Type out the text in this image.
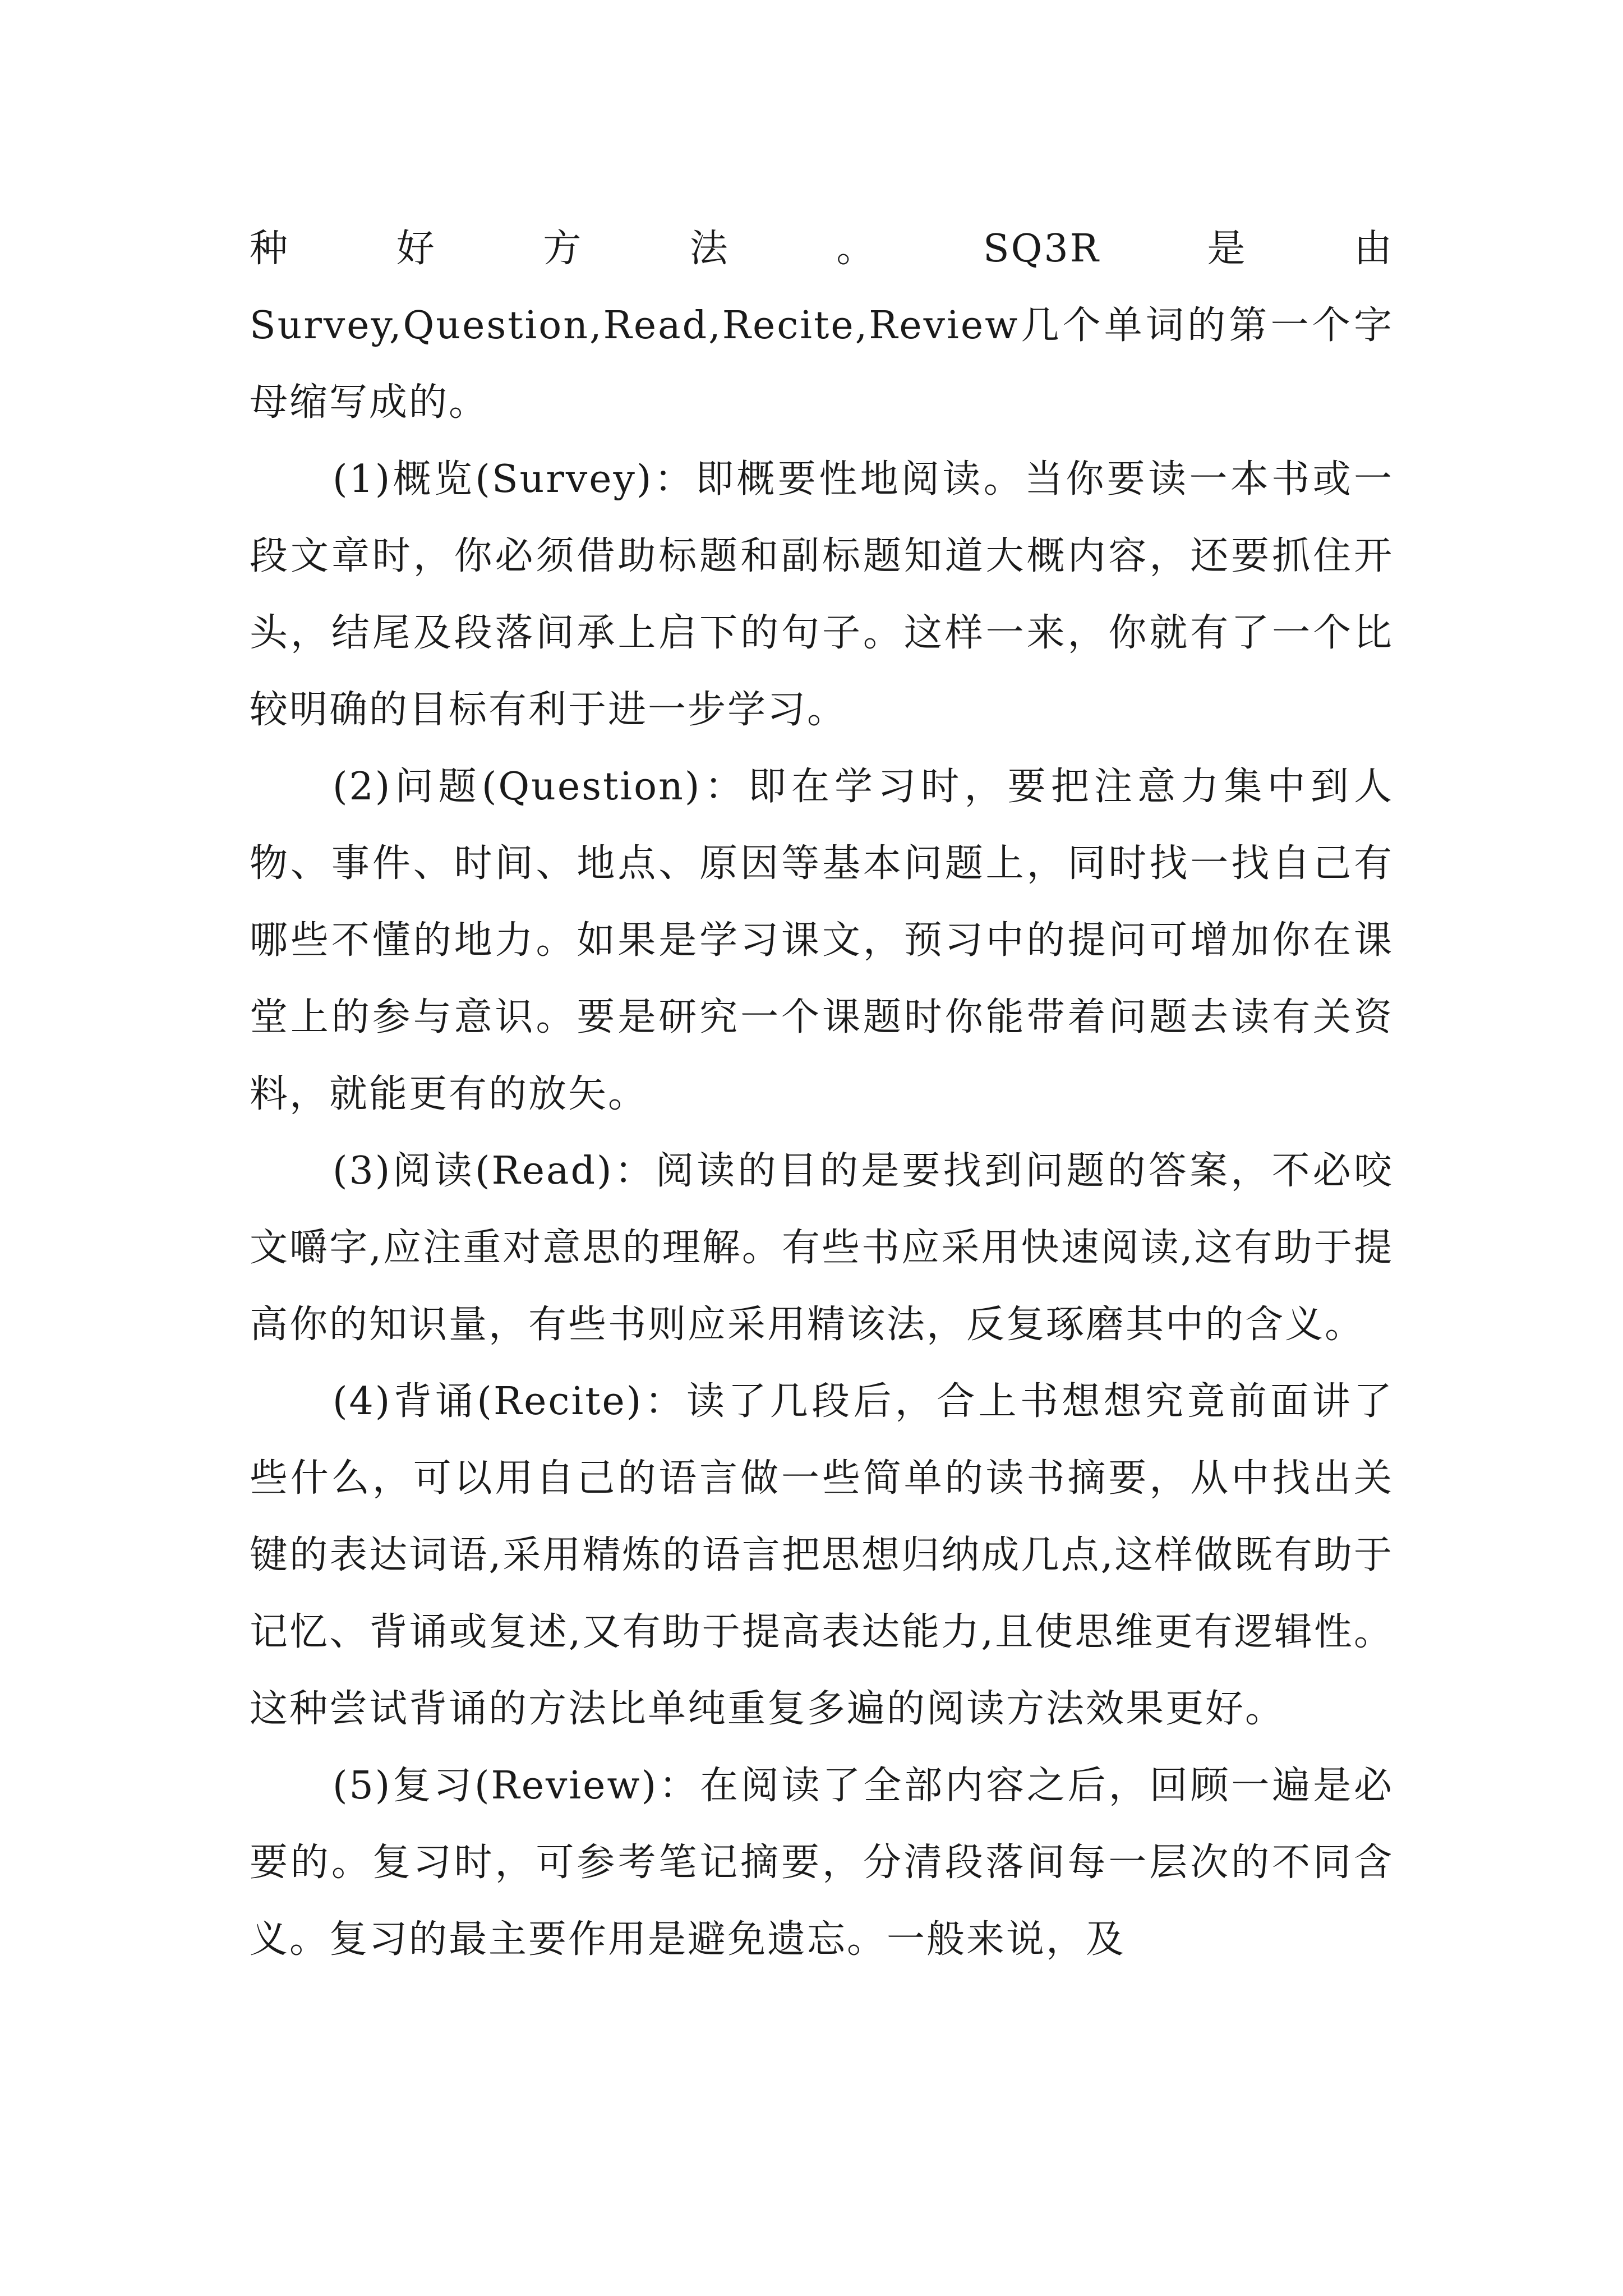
种好方法。SQ3R是由Survey,Question,Read,Recite,Review几个单词的第一个字母缩写成的。

(1)概览(Survey)：即概要性地阅读。当你要读一本书或一段文章时，你必须借助标题和副标题知道大概内容，还要抓住开头，结尾及段落间承上启下的句子。这样一来，你就有了一个比较明确的目标有利于进一步学习。

(2)问题(Question)：即在学习时，要把注意力集中到人物、事件、时间、地点、原因等基本问题上，同时找一找自己有哪些不懂的地力。如果是学习课文，预习中的提问可增加你在课堂上的参与意识。要是研究一个课题时你能带着问题去读有关资料，就能更有的放矢。

(3)阅读(Read)：阅读的目的是要找到问题的答案，不必咬文嚼字,应注重对意思的理解。有些书应采用快速阅读,这有助于提高你的知识量，有些书则应采用精该法，反复琢磨其中的含义。

(4)背诵(Recite)：读了几段后，合上书想想究竟前面讲了些什么，可以用自己的语言做一些简单的读书摘要，从中找出关键的表达词语,采用精炼的语言把思想归纳成几点,这样做既有助于记忆、背诵或复述,又有助于提高表达能力,且使思维更有逻辑性。这种尝试背诵的方法比单纯重复多遍的阅读方法效果更好。

(5)复习(Review)：在阅读了全部内容之后，回顾一遍是必要的。复习时，可参考笔记摘要，分清段落间每一层次的不同含义。复习的最主要作用是避免遗忘。一般来说，及
